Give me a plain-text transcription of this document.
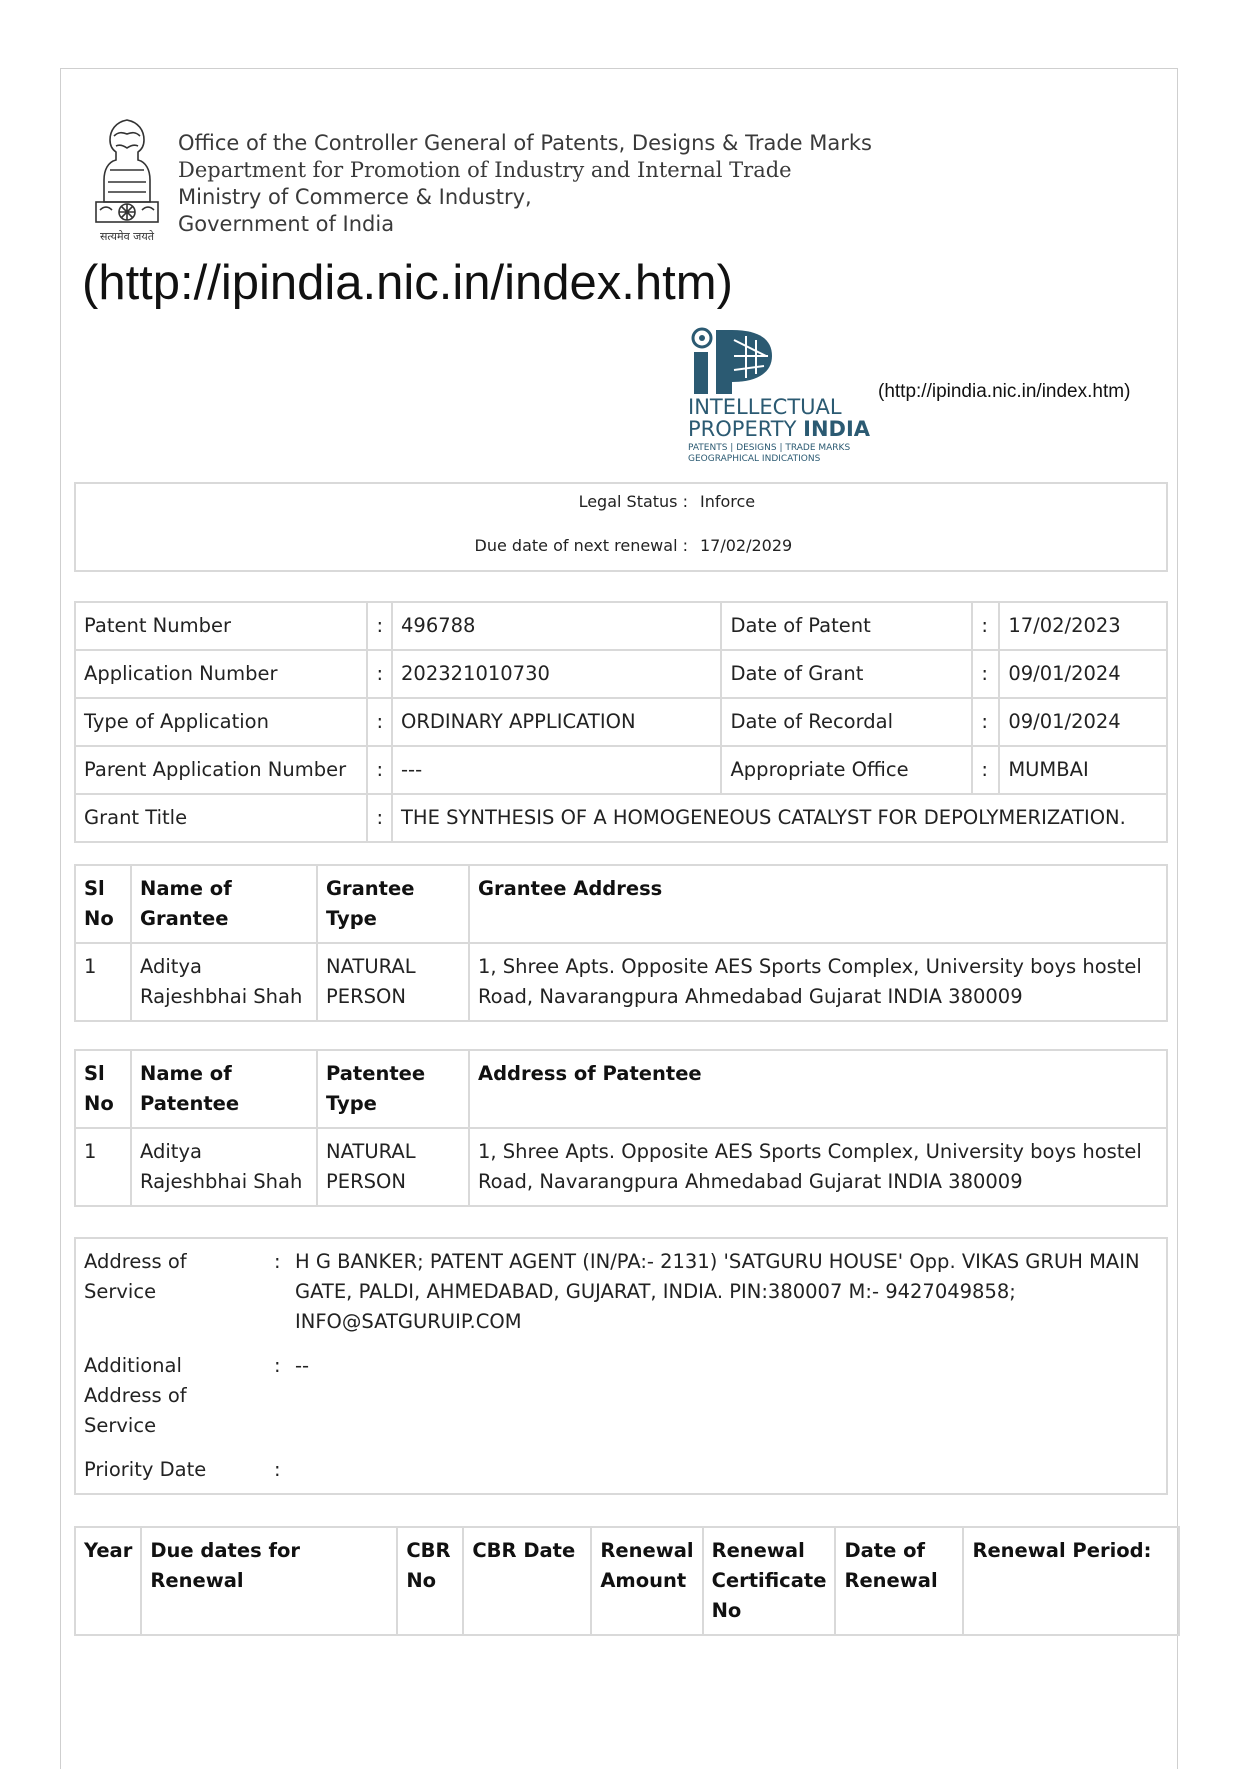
सत्यमेव जयते
Office of the Controller General of Patents, Designs & Trade Marks
Department for Promotion of Industry and Internal Trade
Ministry of Commerce & Industry,
Government of India
(http://ipindia.nic.in/index.htm)
INTELLECTUAL
PROPERTY INDIA
PATENTS | DESIGNS | TRADE MARKS
GEOGRAPHICAL INDICATIONS
(http://ipindia.nic.in/index.htm)
Legal Status : Inforce
Due date of next renewal : 17/02/2029
Patent Number	:	496788	Date of Patent	:	17/02/2023
Application Number	:	202321010730	Date of Grant	:	09/01/2024
Type of Application	:	ORDINARY APPLICATION	Date of Recordal	:	09/01/2024
Parent Application Number	:	---	Appropriate Office	:	MUMBAI
Grant Title	:	THE SYNTHESIS OF A HOMOGENEOUS CATALYST FOR DEPOLYMERIZATION.			
Sl No	Name of Grantee	Grantee Type	Grantee Address
1	Aditya Rajeshbhai Shah	NATURAL PERSON	1, Shree Apts. Opposite AES Sports Complex, University boys hostel Road, Navarangpura Ahmedabad Gujarat INDIA 380009
Sl No	Name of Patentee	Patentee Type	Address of Patentee
1	Aditya Rajeshbhai Shah	NATURAL PERSON	1, Shree Apts. Opposite AES Sports Complex, University boys hostel Road, Navarangpura Ahmedabad Gujarat INDIA 380009
Address of Service
: H G BANKER; PATENT AGENT (IN/PA:- 2131) 'SATGURU HOUSE' Opp. VIKAS GRUH MAIN GATE, PALDI, AHMEDABAD, GUJARAT, INDIA. PIN:380007 M:- 9427049858; INFO@SATGURUIP.COM
Additional Address of Service
: --
Priority Date	:
Year	Due dates for Renewal	CBR No	CBR Date	Renewal Amount	Renewal Certificate No	Date of Renewal	Renewal Period:
